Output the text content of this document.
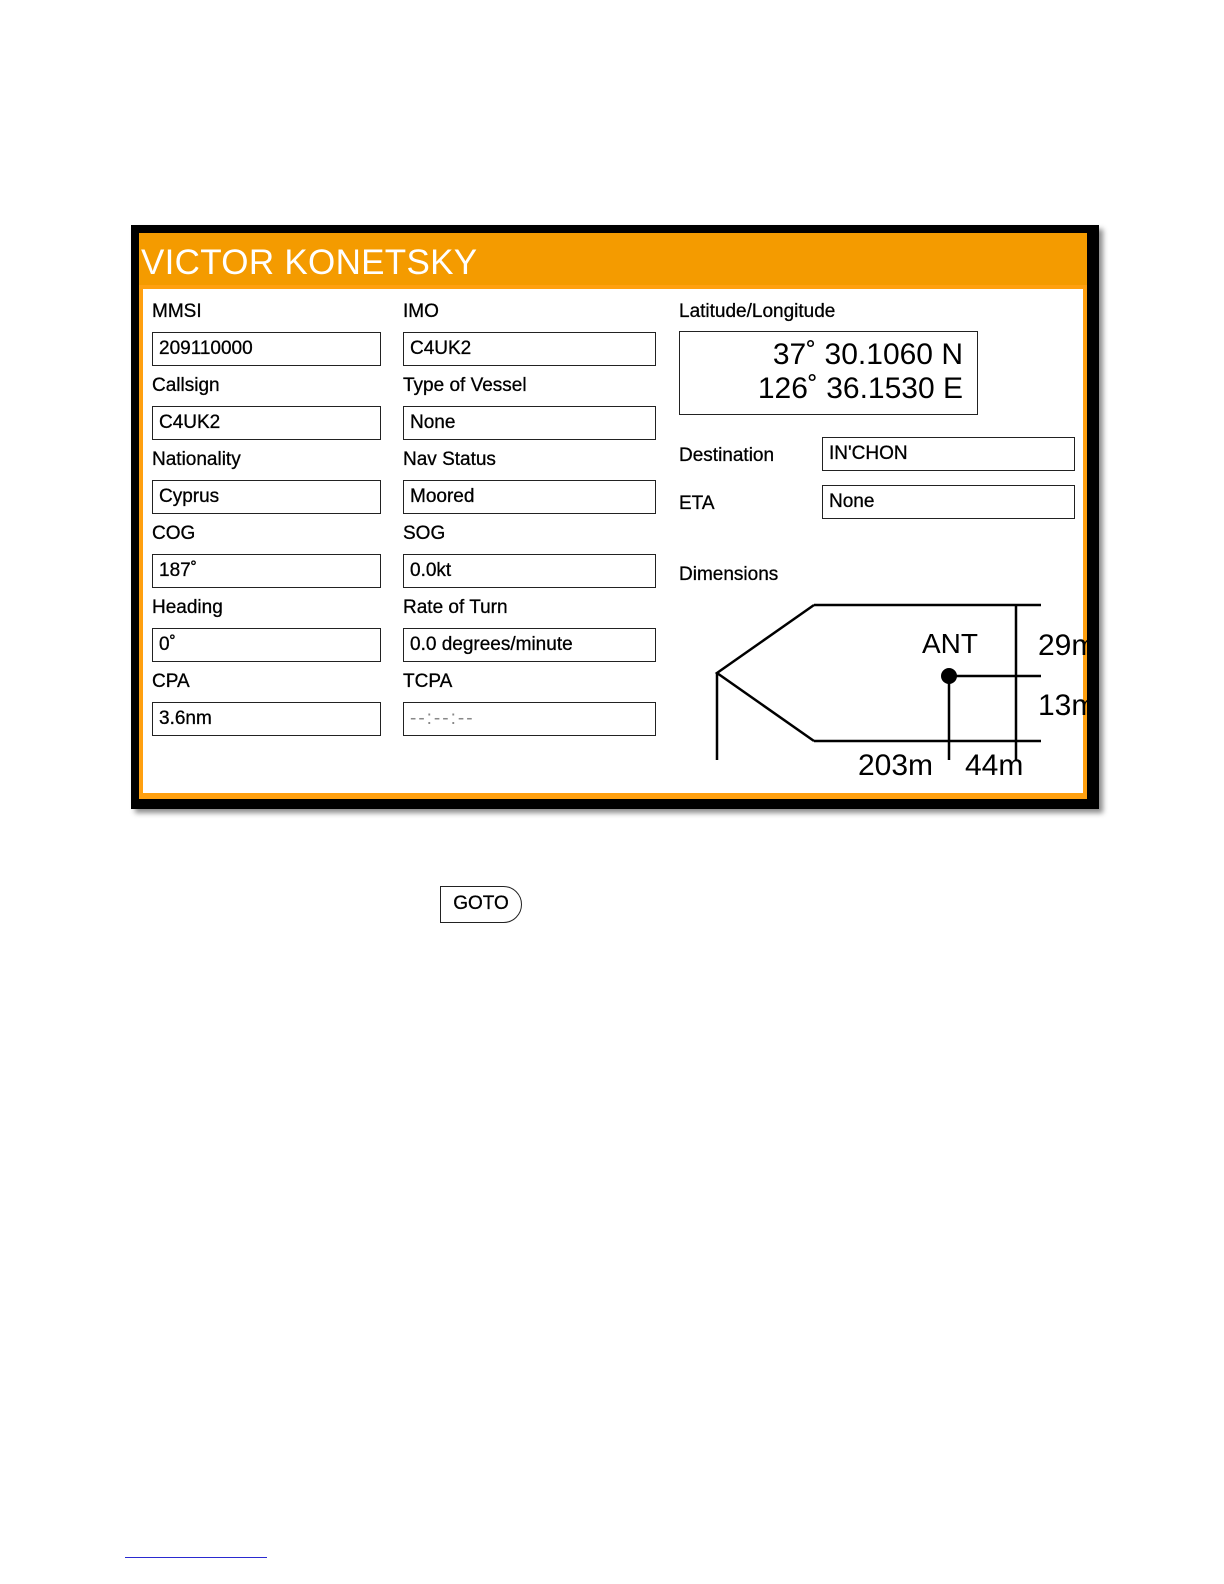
VICTOR KONETSKY
MMSI
209110000
Callsign
C4UK2
Nationality
Cyprus
COG
187˚
Heading
0˚
CPA
3.6nm
IMO
C4UK2
Type of Vessel
None
Nav Status
Moored
SOG
0.0kt
Rate of Turn
0.0 degrees/minute
TCPA
--:--:--
Latitude/Longitude
37˚ 30.1060 N
126˚ 36.1530 E
Destination	IN'CHON
ETA	None
Dimensions
ANT 29m
13m
203m 44m
GOTO
